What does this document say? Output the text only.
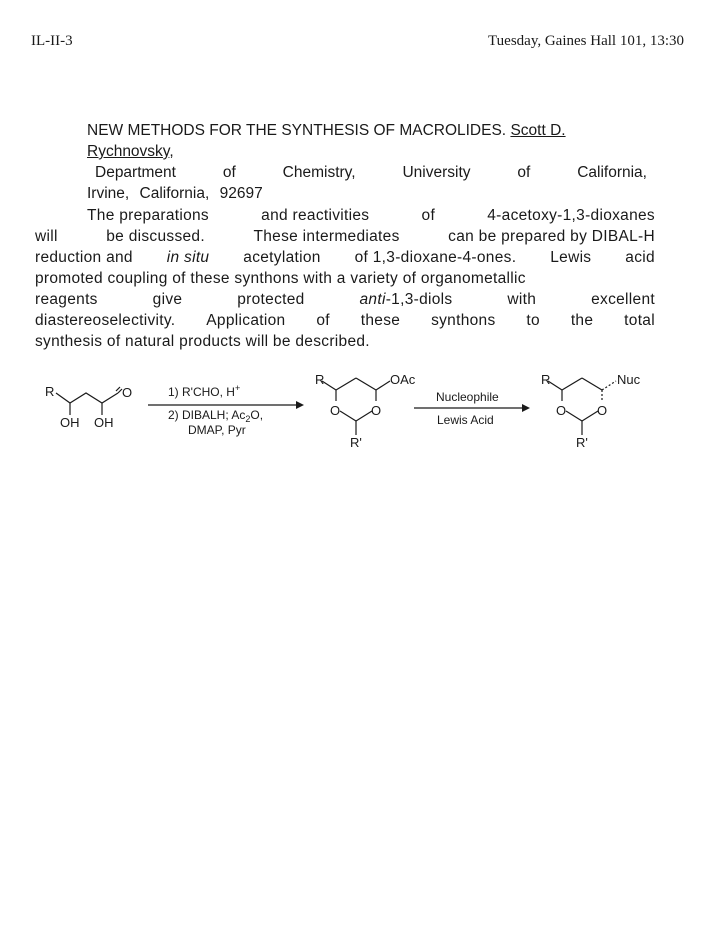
IL-II-3	Tuesday, Gaines Hall 101, 13:30
NEW METHODS FOR THE SYNTHESIS OF MACROLIDES. Scott D.
Rychnovsky,
Department	of	Chemistry,	University	of	California,
Irvine, California, 92697
The preparations	and reactivities	of	4-acetoxy-1,3-dioxanes
will	be discussed.	These intermediates	can be prepared by DIBAL-H
reduction and in situ acetylation of 1,3-dioxane-4-ones. Lewis acid
promoted coupling of these synthons with a variety of organometallic
reagents	give	protected	anti-1,3-diols	with	excellent
diastereoselectivity. Application of these synthons to the total
synthesis of natural products will be described.
R	O
OH OH
1) R'CHO, H+
2) DIBALH; $Ac_2O$,
DMAP, Pyr
R	OAc
O O
R'
Nucleophile
Lewis Acid
R	Nuc
O O
R'
